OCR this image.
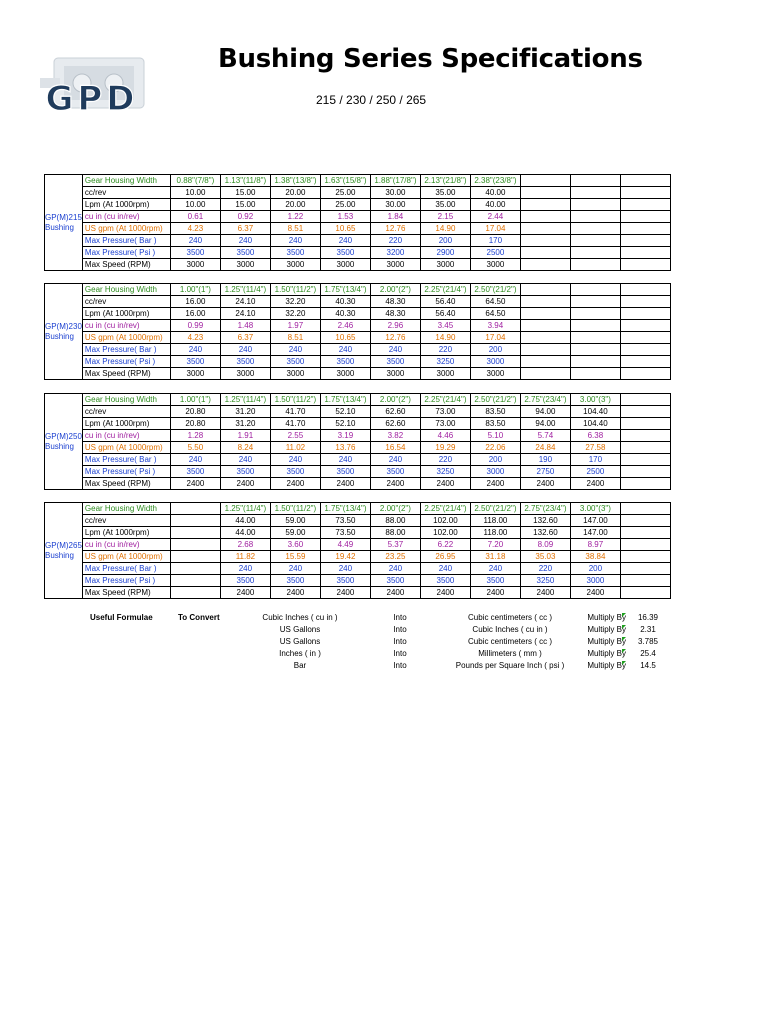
GPD
Bushing Series Specifications
215 / 230 / 250 / 265
GP(M)215
Bushing	Gear Housing Width	0.88"(7/8")	1.13"(11/8")	1.38"(13/8")	1.63"(15/8")	1.88"(17/8")	2.13"(21/8")	2.38"(23/8")			
	cc/rev	10.00	15.00	20.00	25.00	30.00	35.00	40.00			
	Lpm (At 1000rpm)	10.00	15.00	20.00	25.00	30.00	35.00	40.00			
	cu in (cu in/rev)	0.61	0.92	1.22	1.53	1.84	2.15	2.44			
	US gpm (At 1000rpm)	4.23	6.37	8.51	10.65	12.76	14.90	17.04			
	Max Pressure( Bar )	240	240	240	240	220	200	170			
	Max Pressure( Psi )	3500	3500	3500	3500	3200	2900	2500			
	Max Speed (RPM)	3000	3000	3000	3000	3000	3000	3000			
GP(M)230
Bushing	Gear Housing Width	1.00"(1")	1.25"(11/4")	1.50"(11/2")	1.75"(13/4")	2.00"(2")	2.25"(21/4")	2.50"(21/2")			
	cc/rev	16.00	24.10	32.20	40.30	48.30	56.40	64.50			
	Lpm (At 1000rpm)	16.00	24.10	32.20	40.30	48.30	56.40	64.50			
	cu in (cu in/rev)	0.99	1.48	1.97	2.46	2.96	3.45	3.94			
	US gpm (At 1000rpm)	4.23	6.37	8.51	10.65	12.76	14.90	17.04			
	Max Pressure( Bar )	240	240	240	240	240	220	200			
	Max Pressure( Psi )	3500	3500	3500	3500	3500	3250	3000			
	Max Speed (RPM)	3000	3000	3000	3000	3000	3000	3000			
GP(M)250
Bushing	Gear Housing Width	1.00"(1")	1.25"(11/4")	1.50"(11/2")	1.75"(13/4")	2.00"(2")	2.25"(21/4")	2.50"(21/2")	2.75"(23/4")	3.00"(3")	
	cc/rev	20.80	31.20	41.70	52.10	62.60	73.00	83.50	94.00	104.40	
	Lpm (At 1000rpm)	20.80	31.20	41.70	52.10	62.60	73.00	83.50	94.00	104.40	
	cu in (cu in/rev)	1.28	1.91	2.55	3.19	3.82	4.46	5.10	5.74	6.38	
	US gpm (At 1000rpm)	5.50	8.24	11.02	13.76	16.54	19.29	22.06	24.84	27.58	
	Max Pressure( Bar )	240	240	240	240	240	220	200	190	170	
	Max Pressure( Psi )	3500	3500	3500	3500	3500	3250	3000	2750	2500	
	Max Speed (RPM)	2400	2400	2400	2400	2400	2400	2400	2400	2400	
GP(M)265
Bushing	Gear Housing Width		1.25"(11/4")	1.50"(11/2")	1.75"(13/4")	2.00"(2")	2.25"(21/4")	2.50"(21/2")	2.75"(23/4")	3.00"(3")	
	cc/rev		44.00	59.00	73.50	88.00	102.00	118.00	132.60	147.00	
	Lpm (At 1000rpm)		44.00	59.00	73.50	88.00	102.00	118.00	132.60	147.00	
	cu in (cu in/rev)		2.68	3.60	4.49	5.37	6.22	7.20	8.09	8.97	
	US gpm (At 1000rpm)		11.82	15.59	19.42	23.25	26.95	31.18	35.03	38.84	
	Max Pressure( Bar )		240	240	240	240	240	240	220	200	
	Max Pressure( Psi )		3500	3500	3500	3500	3500	3500	3250	3000	
	Max Speed (RPM)		2400	2400	2400	2400	2400	2400	2400	2400	
Useful Formulae	To Convert	Cubic Inches ( cu in )	Into	Cubic centimeters ( cc )	Multiply By	16.39
US Gallons	Into	Cubic Inches ( cu in )	Multiply By	2.31
US Gallons	Into	Cubic centimeters ( cc )	Multiply By	3.785
Inches ( in )	Into	Millimeters ( mm )	Multiply By	25.4
Bar	Into	Pounds per Square Inch ( psi )	Multiply By	14.5
